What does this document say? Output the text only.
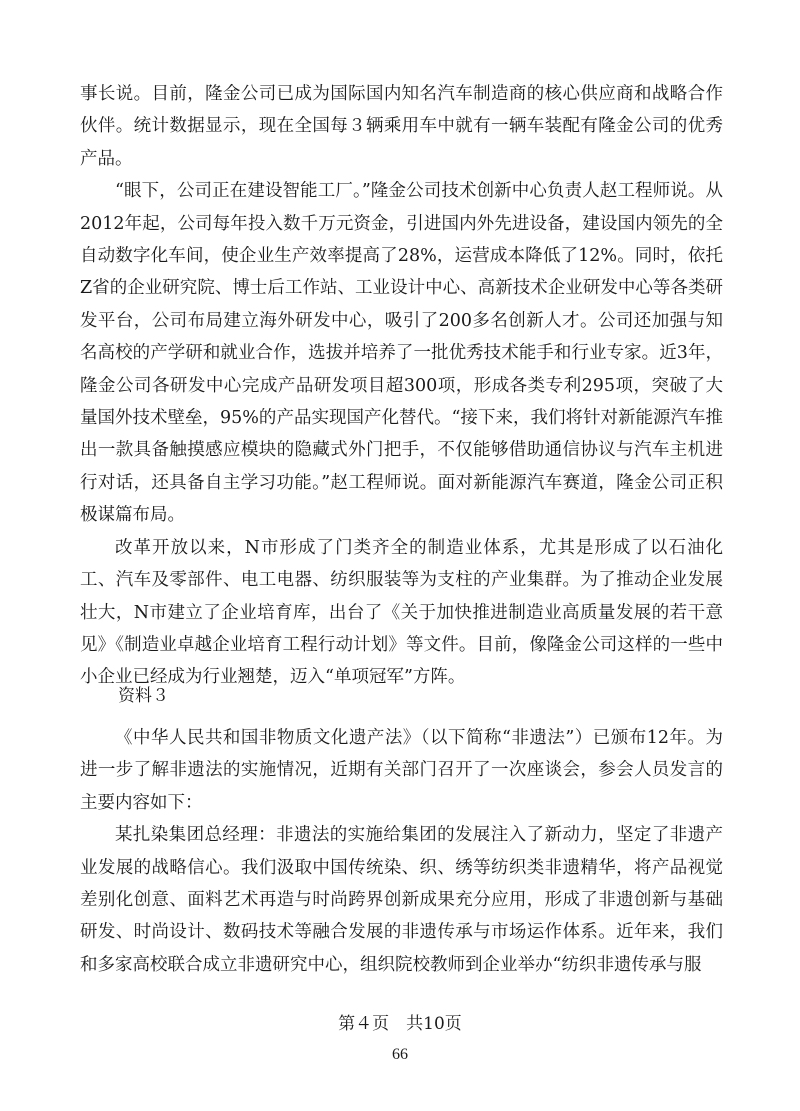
事长说。目前，隆金公司已成为国际国内知名汽车制造商的核心供应商和战略合作伙伴。统计数据显示，现在全国每３辆乘用车中就有一辆车装配有隆金公司的优秀产品。

“眼下，公司正在建设智能工厂。”隆金公司技术创新中心负责人赵工程师说。从2012年起，公司每年投入数千万元资金，引进国内外先进设备，建设国内领先的全自动数字化车间，使企业生产效率提高了28%，运营成本降低了12%。同时，依托Z省的企业研究院、博士后工作站、工业设计中心、高新技术企业研发中心等各类研发平台，公司布局建立海外研发中心，吸引了200多名创新人才。公司还加强与知名高校的产学研和就业合作，选拔并培养了一批优秀技术能手和行业专家。近3年，隆金公司各研发中心完成产品研发项目超300项，形成各类专利295项，突破了大量国外技术壁垒，95%的产品实现国产化替代。“接下来，我们将针对新能源汽车推出一款具备触摸感应模块的隐藏式外门把手，不仅能够借助通信协议与汽车主机进行对话，还具备自主学习功能。”赵工程师说。面对新能源汽车赛道，隆金公司正积极谋篇布局。

改革开放以来，N市形成了门类齐全的制造业体系，尤其是形成了以石油化工、汽车及零部件、电工电器、纺织服装等为支柱的产业集群。为了推动企业发展壮大，N市建立了企业培育库，出台了《关于加快推进制造业高质量发展的若干意见》《制造业卓越企业培育工程行动计划》等文件。目前，像隆金公司这样的一些中小企业已经成为行业翘楚，迈入“单项冠军”方阵。

资料３

《中华人民共和国非物质文化遗产法》（以下简称“非遗法”）已颁布12年。为进一步了解非遗法的实施情况，近期有关部门召开了一次座谈会，参会人员发言的主要内容如下：

某扎染集团总经理：非遗法的实施给集团的发展注入了新动力，坚定了非遗产业发展的战略信心。我们汲取中国传统染、织、绣等纺织类非遗精华，将产品视觉差别化创意、面料艺术再造与时尚跨界创新成果充分应用，形成了非遗创新与基础研发、时尚设计、数码技术等融合发展的非遗传承与市场运作体系。近年来，我们和多家高校联合成立非遗研究中心，组织院校教师到企业举办“纺织非遗传承与服

第４页　共10页
66
